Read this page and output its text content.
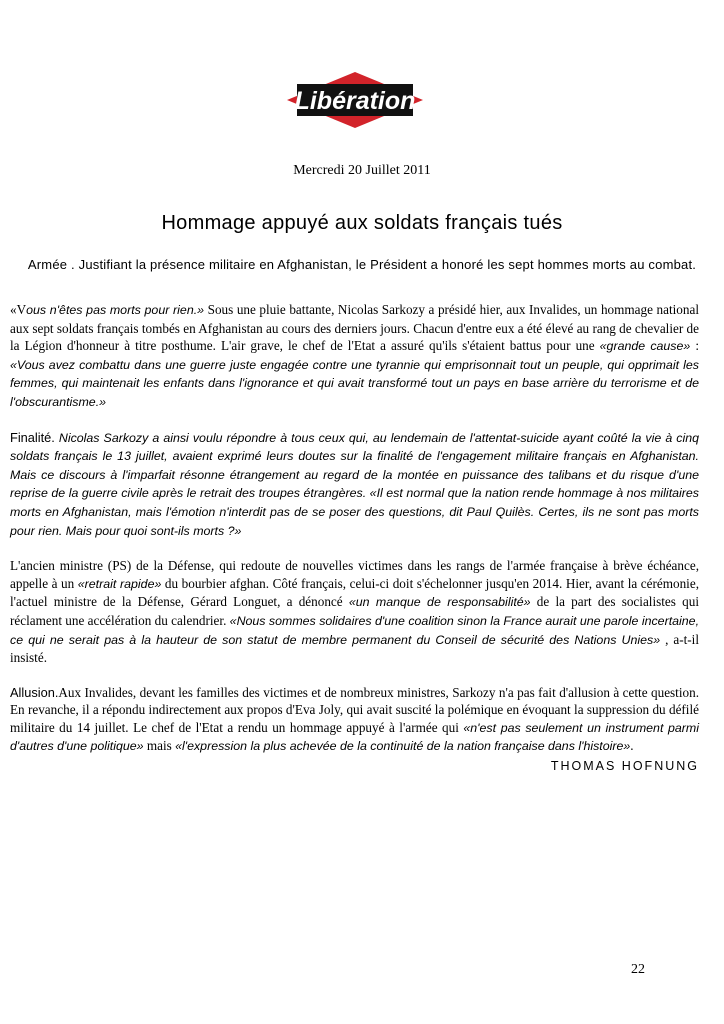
Libération
Mercredi 20 Juillet 2011
Hommage appuyé aux soldats français tués
Armée . Justifiant la présence militaire en Afghanistan, le Président a honoré les sept hommes morts au combat.

«Vous n'êtes pas morts pour rien.» Sous une pluie battante, Nicolas Sarkozy a présidé hier, aux Invalides, un hommage national aux sept soldats français tombés en Afghanistan au cours des derniers jours. Chacun d'entre eux a été élevé au rang de chevalier de la Légion d'honneur à titre posthume. L'air grave, le chef de l'Etat a assuré qu'ils s'étaient battus pour une «grande cause» : «Vous avez combattu dans une guerre juste engagée contre une tyrannie qui emprisonnait tout un peuple, qui opprimait les femmes, qui maintenait les enfants dans l'ignorance et qui avait transformé tout un pays en base arrière du terrorisme et de l'obscurantisme.»

Finalité. Nicolas Sarkozy a ainsi voulu répondre à tous ceux qui, au lendemain de l'attentat-suicide ayant coûté la vie à cinq soldats français le 13 juillet, avaient exprimé leurs doutes sur la finalité de l'engagement militaire français en Afghanistan. Mais ce discours à l'imparfait résonne étrangement au regard de la montée en puissance des talibans et du risque d'une reprise de la guerre civile après le retrait des troupes étrangères. «Il est normal que la nation rende hommage à nos militaires morts en Afghanistan, mais l'émotion n'interdit pas de se poser des questions, dit Paul Quilès. Certes, ils ne sont pas morts pour rien. Mais pour quoi sont-ils morts ?»

L'ancien ministre (PS) de la Défense, qui redoute de nouvelles victimes dans les rangs de l'armée française à brève échéance, appelle à un «retrait rapide» du bourbier afghan. Côté français, celui-ci doit s'échelonner jusqu'en 2014. Hier, avant la cérémonie, l'actuel ministre de la Défense, Gérard Longuet, a dénoncé «un manque de responsabilité» de la part des socialistes qui réclament une accélération du calendrier. «Nous sommes solidaires d'une coalition sinon la France aurait une parole incertaine, ce qui ne serait pas à la hauteur de son statut de membre permanent du Conseil de sécurité des Nations Unies» , a-t-il insisté.

Allusion.Aux Invalides, devant les familles des victimes et de nombreux ministres, Sarkozy n'a pas fait d'allusion à cette question. En revanche, il a répondu indirectement aux propos d'Eva Joly, qui avait suscité la polémique en évoquant la suppression du défilé militaire du 14 juillet. Le chef de l'Etat a rendu un hommage appuyé à l'armée qui «n'est pas seulement un instrument parmi d'autres d'une politique» mais «l'expression la plus achevée de la continuité de la nation française dans l'histoire».

THOMAS HOFNUNG
22
